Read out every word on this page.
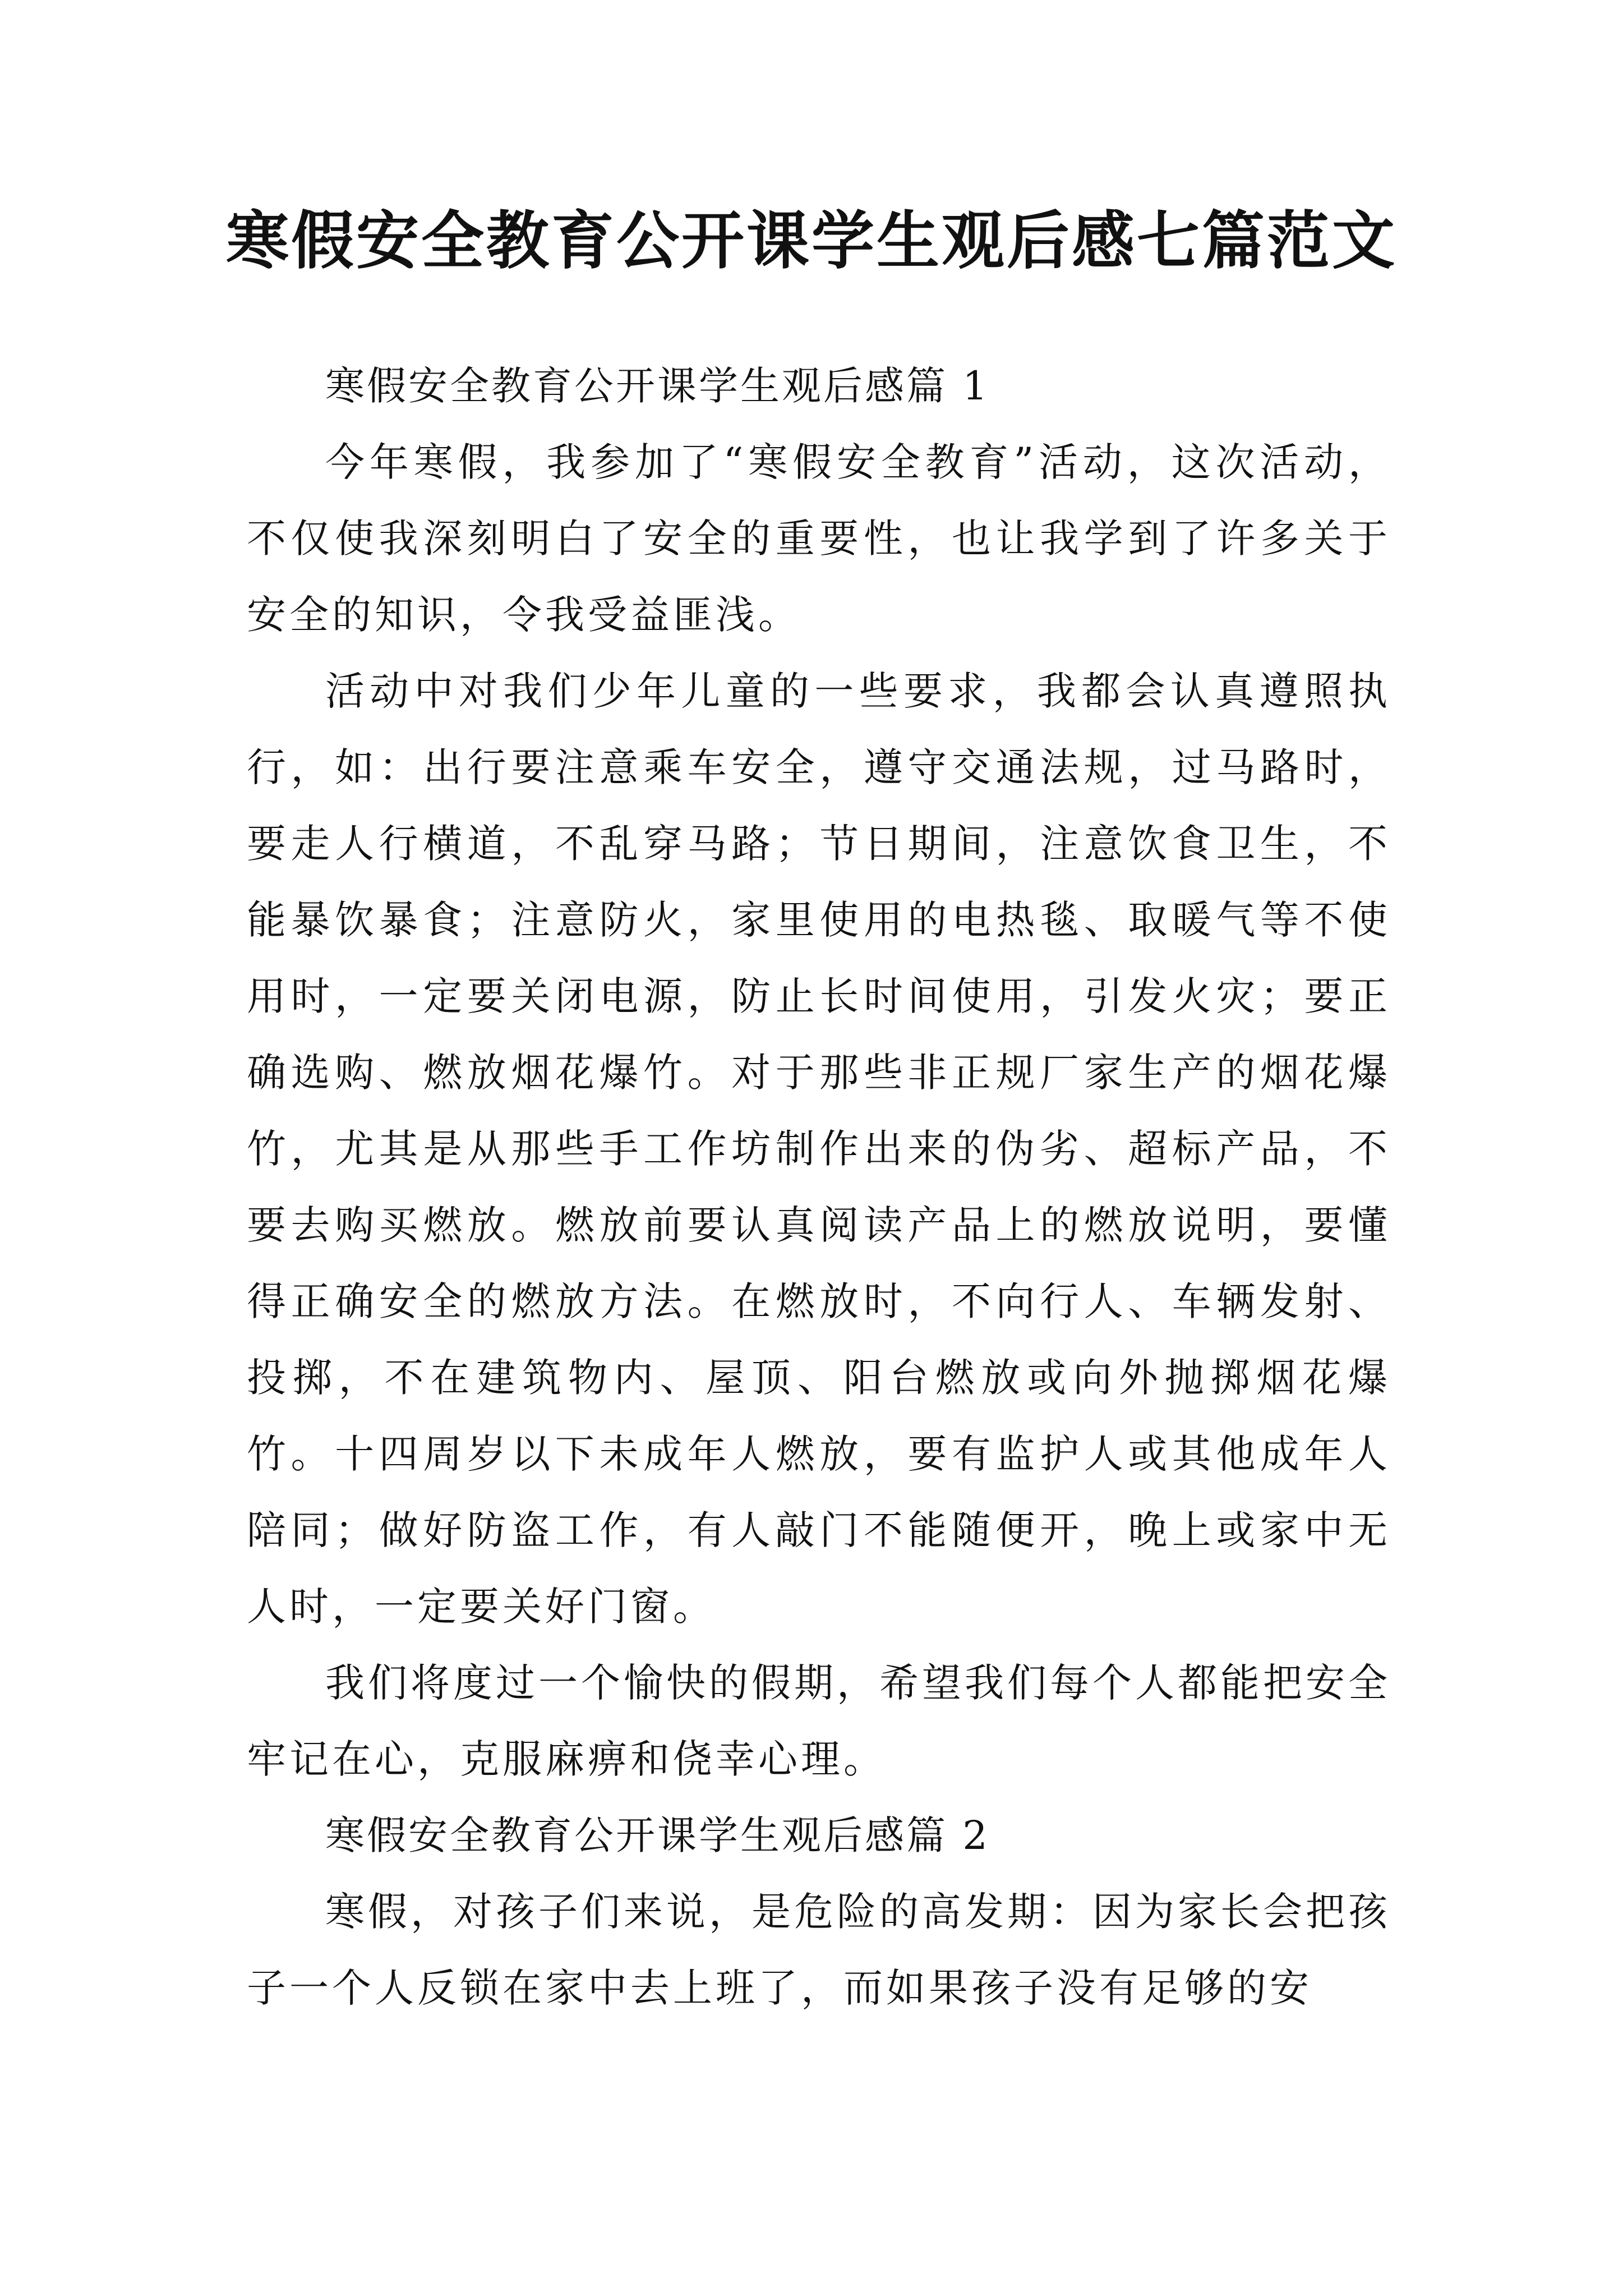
寒假安全教育公开课学生观后感七篇范文

寒假安全教育公开课学生观后感篇 1

今年寒假，我参加了“寒假安全教育”活动，这次活动，不仅使我深刻明白了安全的重要性，也让我学到了许多关于安全的知识，令我受益匪浅。

活动中对我们少年儿童的一些要求，我都会认真遵照执行，如：出行要注意乘车安全，遵守交通法规，过马路时，要走人行横道，不乱穿马路；节日期间，注意饮食卫生，不能暴饮暴食；注意防火，家里使用的电热毯、取暖气等不使用时，一定要关闭电源，防止长时间使用，引发火灾；要正确选购、燃放烟花爆竹。对于那些非正规厂家生产的烟花爆竹，尤其是从那些手工作坊制作出来的伪劣、超标产品，不要去购买燃放。燃放前要认真阅读产品上的燃放说明，要懂得正确安全的燃放方法。在燃放时，不向行人、车辆发射、投掷，不在建筑物内、屋顶、阳台燃放或向外抛掷烟花爆竹。十四周岁以下未成年人燃放，要有监护人或其他成年人陪同；做好防盗工作，有人敲门不能随便开，晚上或家中无人时，一定要关好门窗。

我们将度过一个愉快的假期，希望我们每个人都能把安全牢记在心，克服麻痹和侥幸心理。

寒假安全教育公开课学生观后感篇 2

寒假，对孩子们来说，是危险的高发期：因为家长会把孩子一个人反锁在家中去上班了，而如果孩子没有足够的安
